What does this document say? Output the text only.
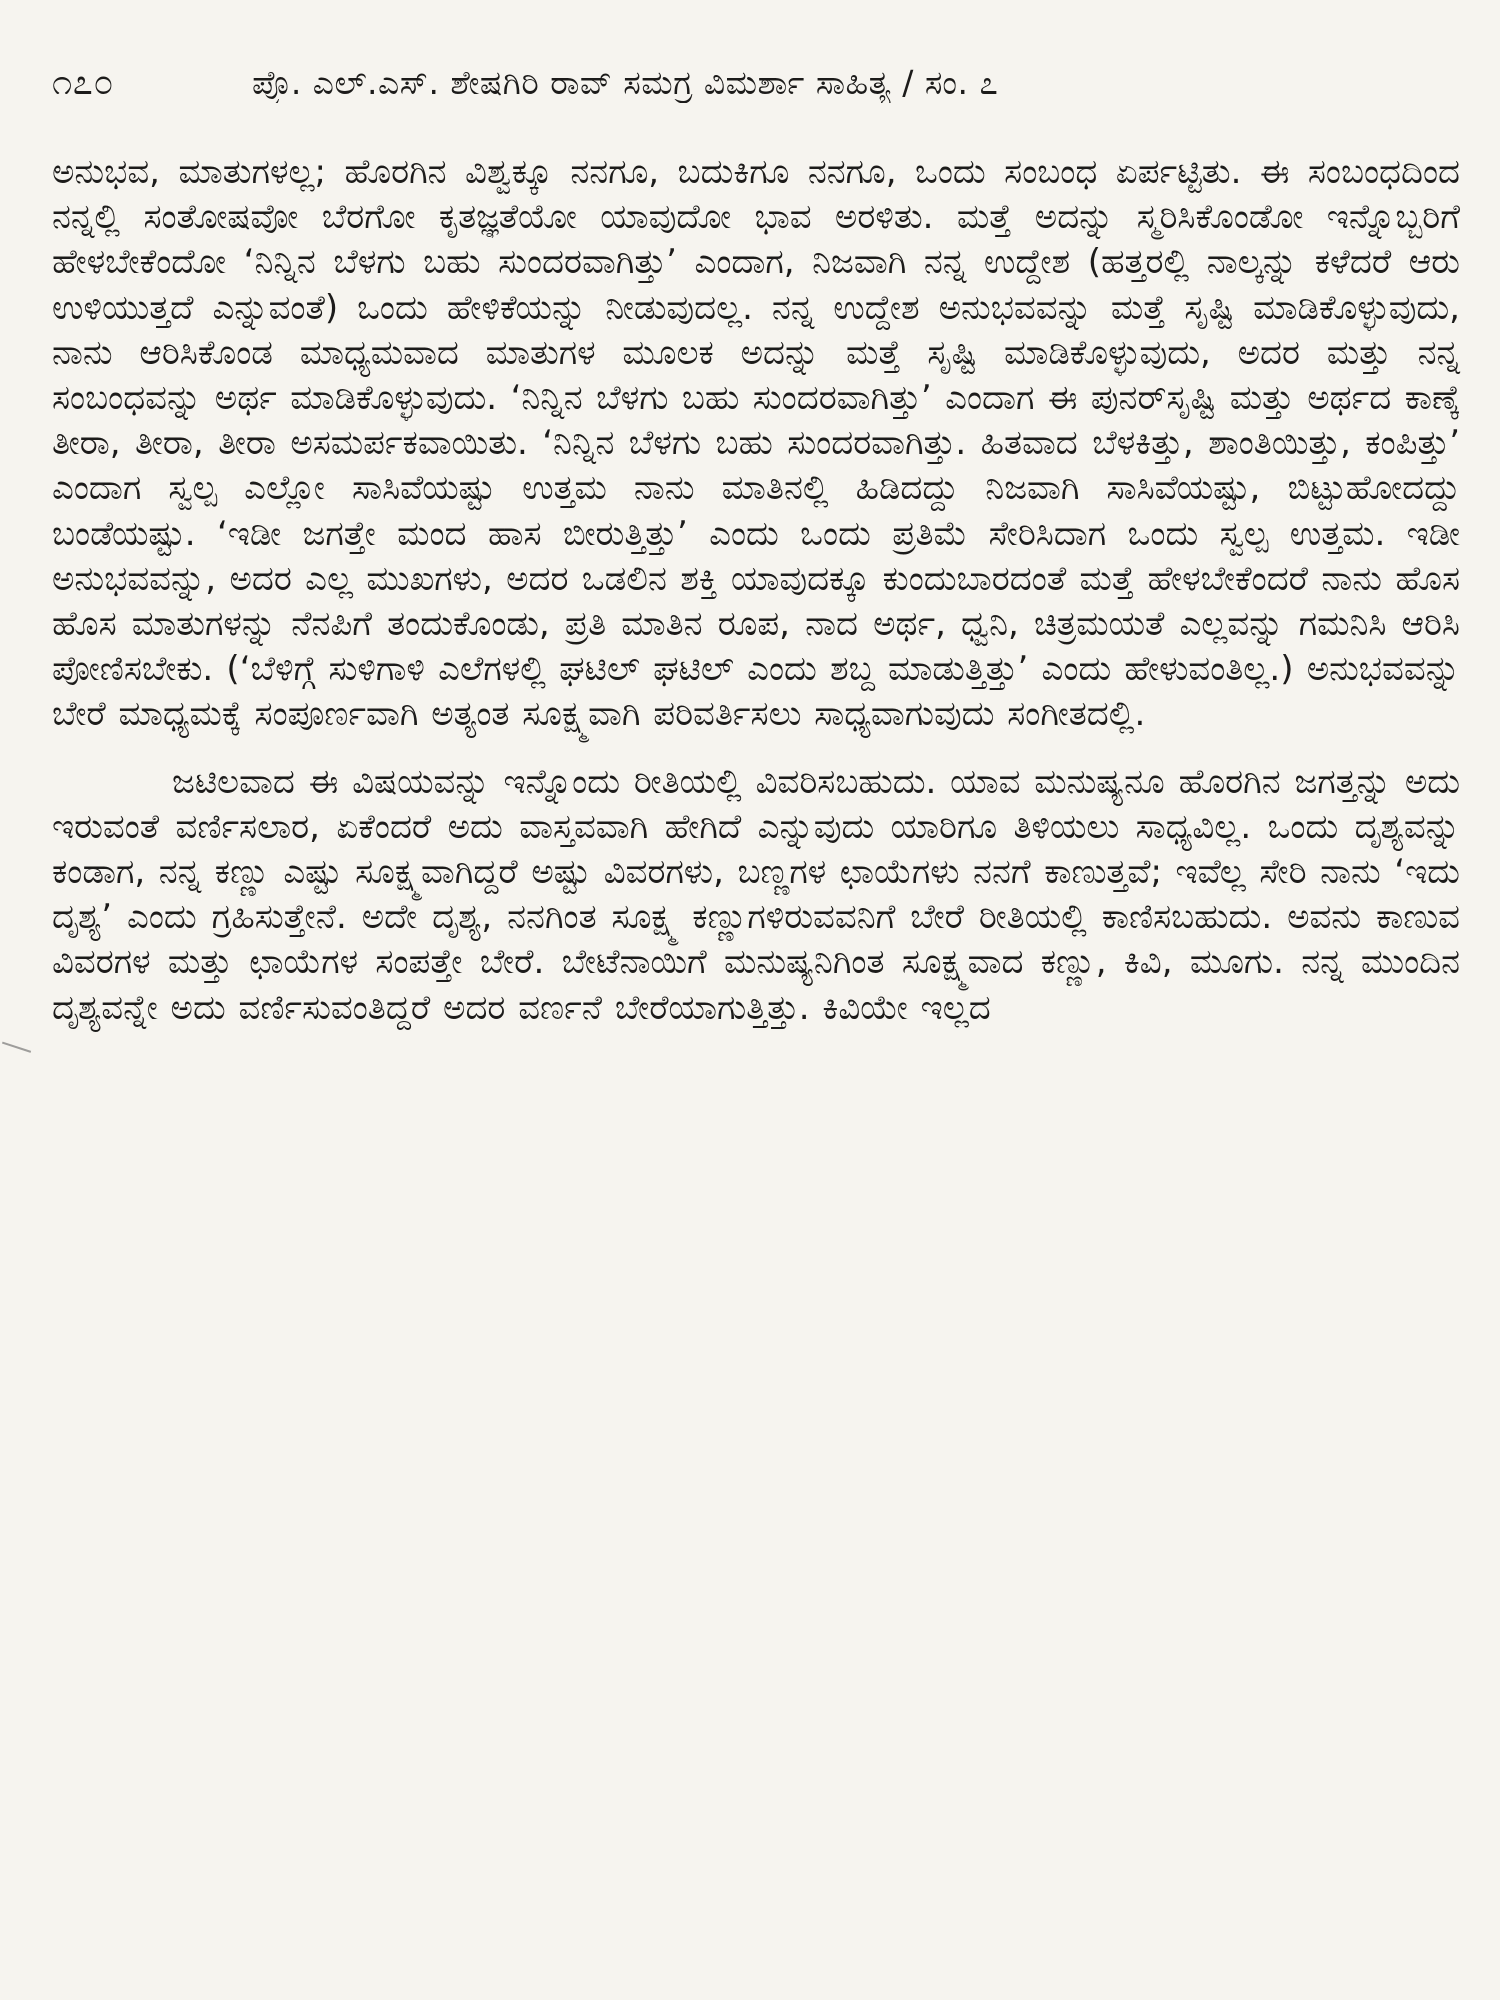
೧೭೦	ಪ್ರೊ. ಎಲ್.ಎಸ್. ಶೇಷಗಿರಿ ರಾವ್ ಸಮಗ್ರ ವಿಮರ್ಶಾ ಸಾಹಿತ್ಯ / ಸಂ. ೭

ಅನುಭವ, ಮಾತುಗಳಲ್ಲ; ಹೊರಗಿನ ವಿಶ್ವಕ್ಕೂ ನನಗೂ, ಬದುಕಿಗೂ ನನಗೂ, ಒಂದು ಸಂಬಂಧ ಏರ್ಪಟ್ಟಿತು. ಈ ಸಂಬಂಧದಿಂದ ನನ್ನಲ್ಲಿ ಸಂತೋಷವೋ ಬೆರಗೋ ಕೃತಜ್ಞತೆಯೋ ಯಾವುದೋ ಭಾವ ಅರಳಿತು. ಮತ್ತೆ ಅದನ್ನು ಸ್ಮರಿಸಿಕೊಂಡೋ ಇನ್ನೊಬ್ಬರಿಗೆ ಹೇಳಬೇಕೆಂದೋ ‘ನಿನ್ನಿನ ಬೆಳಗು ಬಹು ಸುಂದರವಾಗಿತ್ತು’ ಎಂದಾಗ, ನಿಜವಾಗಿ ನನ್ನ ಉದ್ದೇಶ (ಹತ್ತರಲ್ಲಿ ನಾಲ್ಕನ್ನು ಕಳೆದರೆ ಆರು ಉಳಿಯುತ್ತದೆ ಎನ್ನುವಂತೆ) ಒಂದು ಹೇಳಿಕೆಯನ್ನು ನೀಡುವುದಲ್ಲ. ನನ್ನ ಉದ್ದೇಶ ಅನುಭವವನ್ನು ಮತ್ತೆ ಸೃಷ್ಟಿ ಮಾಡಿಕೊಳ್ಳುವುದು, ನಾನು ಆರಿಸಿಕೊಂಡ ಮಾಧ್ಯಮವಾದ ಮಾತುಗಳ ಮೂಲಕ ಅದನ್ನು ಮತ್ತೆ ಸೃಷ್ಟಿ ಮಾಡಿಕೊಳ್ಳುವುದು, ಅದರ ಮತ್ತು ನನ್ನ ಸಂಬಂಧವನ್ನು ಅರ್ಥ ಮಾಡಿಕೊಳ್ಳುವುದು. ‘ನಿನ್ನಿನ ಬೆಳಗು ಬಹು ಸುಂದರವಾಗಿತ್ತು’ ಎಂದಾಗ ಈ ಪುನರ್‌ಸೃಷ್ಟಿ ಮತ್ತು ಅರ್ಥದ ಕಾಣ್ಕೆ ತೀರಾ, ತೀರಾ, ತೀರಾ ಅಸಮರ್ಪಕವಾಯಿತು. ‘ನಿನ್ನಿನ ಬೆಳಗು ಬಹು ಸುಂದರವಾಗಿತ್ತು. ಹಿತವಾದ ಬೆಳಕಿತ್ತು, ಶಾಂತಿಯಿತ್ತು, ಕಂಪಿತ್ತು’ ಎಂದಾಗ ಸ್ವಲ್ಪ ಎಲ್ಲೋ ಸಾಸಿವೆಯಷ್ಟು ಉತ್ತಮ ನಾನು ಮಾತಿನಲ್ಲಿ ಹಿಡಿದದ್ದು ನಿಜವಾಗಿ ಸಾಸಿವೆಯಷ್ಟು, ಬಿಟ್ಟುಹೋದದ್ದು ಬಂಡೆಯಷ್ಟು. ‘ಇಡೀ ಜಗತ್ತೇ ಮಂದ ಹಾಸ ಬೀರುತ್ತಿತ್ತು’ ಎಂದು ಒಂದು ಪ್ರತಿಮೆ ಸೇರಿಸಿದಾಗ ಒಂದು ಸ್ವಲ್ಪ ಉತ್ತಮ. ಇಡೀ ಅನುಭವವನ್ನು, ಅದರ ಎಲ್ಲ ಮುಖಗಳು, ಅದರ ಒಡಲಿನ ಶಕ್ತಿ ಯಾವುದಕ್ಕೂ ಕುಂದುಬಾರದಂತೆ ಮತ್ತೆ ಹೇಳಬೇಕೆಂದರೆ ನಾನು ಹೊಸ ಹೊಸ ಮಾತುಗಳನ್ನು ನೆನಪಿಗೆ ತಂದುಕೊಂಡು, ಪ್ರತಿ ಮಾತಿನ ರೂಪ, ನಾದ ಅರ್ಥ, ಧ್ವನಿ, ಚಿತ್ರಮಯತೆ ಎಲ್ಲವನ್ನು ಗಮನಿಸಿ ಆರಿಸಿ ಪೋಣಿಸಬೇಕು. (‘ಬೆಳಿಗ್ಗೆ ಸುಳಿಗಾಳಿ ಎಲೆಗಳಲ್ಲಿ ಘಟಿಲ್ ಘಟಿಲ್ ಎಂದು ಶಬ್ದ ಮಾಡುತ್ತಿತ್ತು’ ಎಂದು ಹೇಳುವಂತಿಲ್ಲ.) ಅನುಭವವನ್ನು ಬೇರೆ ಮಾಧ್ಯಮಕ್ಕೆ ಸಂಪೂರ್ಣವಾಗಿ ಅತ್ಯಂತ ಸೂಕ್ಷ್ಮವಾಗಿ ಪರಿವರ್ತಿಸಲು ಸಾಧ್ಯವಾಗುವುದು ಸಂಗೀತದಲ್ಲಿ.

ಜಟಿಲವಾದ ಈ ವಿಷಯವನ್ನು ಇನ್ನೊಂದು ರೀತಿಯಲ್ಲಿ ವಿವರಿಸಬಹುದು. ಯಾವ ಮನುಷ್ಯನೂ ಹೊರಗಿನ ಜಗತ್ತನ್ನು ಅದು ಇರುವಂತೆ ವರ್ಣಿಸಲಾರ, ಏಕೆಂದರೆ ಅದು ವಾಸ್ತವವಾಗಿ ಹೇಗಿದೆ ಎನ್ನುವುದು ಯಾರಿಗೂ ತಿಳಿಯಲು ಸಾಧ್ಯವಿಲ್ಲ. ಒಂದು ದೃಶ್ಯವನ್ನು ಕಂಡಾಗ, ನನ್ನ ಕಣ್ಣು ಎಷ್ಟು ಸೂಕ್ಷ್ಮವಾಗಿದ್ದರೆ ಅಷ್ಟು ವಿವರಗಳು, ಬಣ್ಣಗಳ ಛಾಯೆಗಳು ನನಗೆ ಕಾಣುತ್ತವೆ; ಇವೆಲ್ಲ ಸೇರಿ ನಾನು ‘ಇದು ದೃಶ್ಯ’ ಎಂದು ಗ್ರಹಿಸುತ್ತೇನೆ. ಅದೇ ದೃಶ್ಯ, ನನಗಿಂತ ಸೂಕ್ಷ್ಮ ಕಣ್ಣುಗಳಿರುವವನಿಗೆ ಬೇರೆ ರೀತಿಯಲ್ಲಿ ಕಾಣಿಸಬಹುದು. ಅವನು ಕಾಣುವ ವಿವರಗಳ ಮತ್ತು ಛಾಯೆಗಳ ಸಂಪತ್ತೇ ಬೇರೆ. ಬೇಟೆನಾಯಿಗೆ ಮನುಷ್ಯನಿಗಿಂತ ಸೂಕ್ಷ್ಮವಾದ ಕಣ್ಣು, ಕಿವಿ, ಮೂಗು. ನನ್ನ ಮುಂದಿನ ದೃಶ್ಯವನ್ನೇ ಅದು ವರ್ಣಿಸುವಂತಿದ್ದರೆ ಅದರ ವರ್ಣನೆ ಬೇರೆಯಾಗುತ್ತಿತ್ತು. ಕಿವಿಯೇ ಇಲ್ಲದ
